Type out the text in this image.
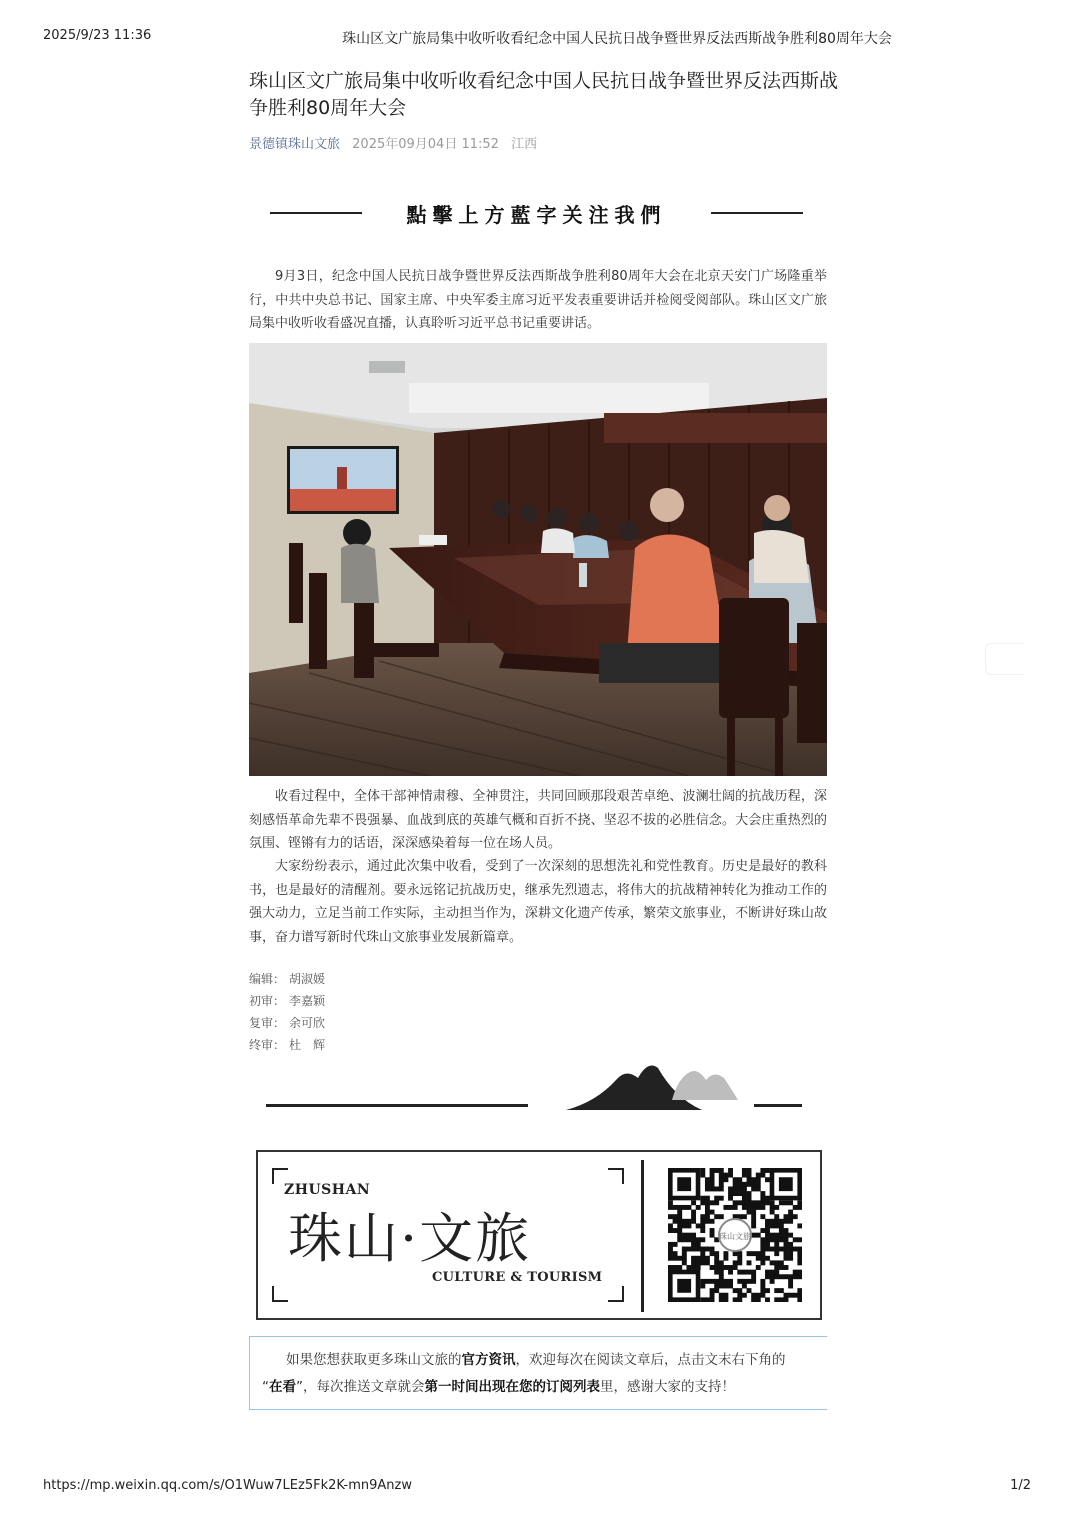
2025/9/23 11:36	珠山区文广旅局集中收听收看纪念中国人民抗日战争暨世界反法西斯战争胜利80周年大会
珠山区文广旅局集中收听收看纪念中国人民抗日战争暨世界反法西斯战争胜利80周年大会
景德镇珠山文旅 2025年09月04日 11:52 江西
點擊上方藍字关注我們

9月3日，纪念中国人民抗日战争暨世界反法西斯战争胜利80周年大会在北京天安门广场隆重举行，中共中央总书记、国家主席、中央军委主席习近平发表重要讲话并检阅受阅部队。珠山区文广旅局集中收听收看盛况直播，认真聆听习近平总书记重要讲话。

收看过程中，全体干部神情肃穆、全神贯注，共同回顾那段艰苦卓绝、波澜壮阔的抗战历程，深刻感悟革命先辈不畏强暴、血战到底的英雄气概和百折不挠、坚忍不拔的必胜信念。大会庄重热烈的氛围、铿锵有力的话语，深深感染着每一位在场人员。

大家纷纷表示，通过此次集中收看，受到了一次深刻的思想洗礼和党性教育。历史是最好的教科书，也是最好的清醒剂。要永远铭记抗战历史，继承先烈遗志，将伟大的抗战精神转化为推动工作的强大动力，立足当前工作实际，主动担当作为，深耕文化遗产传承，繁荣文旅事业，不断讲好珠山故事，奋力谱写新时代珠山文旅事业发展新篇章。

编辑： 胡淑媛
初审： 李嘉颖
复审： 余可欣
终审： 杜　辉
ZHUSHAN
珠山·文旅
CULTURE & TOURISM
珠山文旅
如果您想获取更多珠山文旅的官方资讯，欢迎每次在阅读文章后，点击文末右下角的
“在看”，每次推送文章就会第一时间出现在您的订阅列表里，感谢大家的支持！
https://mp.weixin.qq.com/s/O1Wuw7LEz5Fk2K-mn9Anzw	1/2
